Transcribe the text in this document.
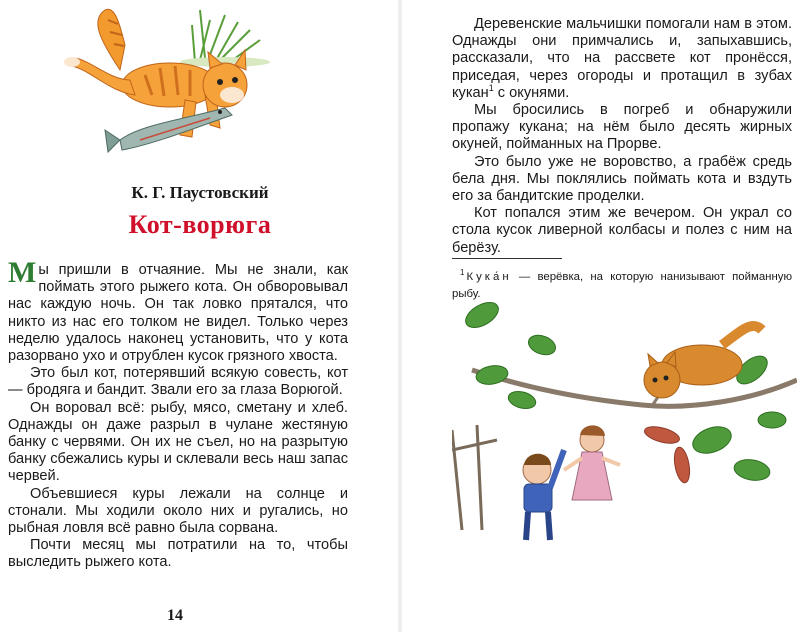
К. Г. Паустовский
Кот-ворюга

Мы пришли в отчаяние. Мы не знали, как поймать этого рыжего кота. Он обворовывал нас каждую ночь. Он так ловко прятался, что никто из нас его толком не видел. Только через неделю удалось наконец установить, что у кота разорвано ухо и отрублен кусок грязного хвоста.

Это был кот, потерявший всякую совесть, кот — бродяга и бандит. Звали его за глаза Ворюгой.

Он воровал всё: рыбу, мясо, сметану и хлеб. Однажды он даже разрыл в чулане жестяную банку с червями. Он их не съел, но на разрытую банку сбежались куры и склевали весь наш запас червей.

Объевшиеся куры лежали на солнце и стонали. Мы ходили около них и ругались, но рыбная ловля всё равно была сорвана.

Почти месяц мы потратили на то, чтобы выследить рыжего кота.

14

Деревенские мальчишки помогали нам в этом. Однажды они примчались и, запыхавшись, рассказали, что на рассвете кот пронёсся, приседая, через огороды и протащил в зубах кукан$^1$ с окунями.

Мы бросились в погреб и обнаружили пропажу кукана; на нём было десять жирных окуней, пойманных на Прорве.

Это было уже не воровство, а грабёж средь бела дня. Мы поклялись поймать кота и вздуть его за бандитские проделки.

Кот попался этим же вечером. Он украл со стола кусок ливерной колбасы и полез с ним на берёзу.

$^1$ Кука́н — верёвка, на которую нанизывают пойманную рыбу.
